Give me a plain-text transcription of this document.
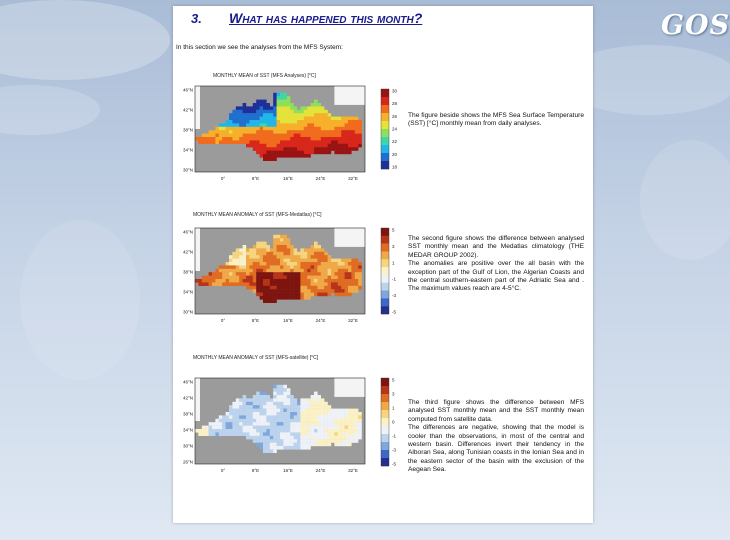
GOS
3. What has happened this month?
In this section we see the analyses from the MFS System:
MONTHLY MEAN of SST (MFS Analyses) [°C]
MONTHLY MEAN ANOMALY of SST (MFS-Medatlas) [°C]
MONTHLY MEAN ANOMALY of SST (MFS-satellite) [°C]
0°	8°E	16°E	24°E	32°E
46°N
42°N
38°N
34°N
30°N
30
28
26
24
22
20
18
0°	8°E	16°E	24°E	32°E
46°N
42°N
38°N
34°N
30°N
5
3
1
-1
-3
-5
0°	8°E	16°E	24°E	32°E
46°N
42°N
38°N
34°N
30°N
26°N
5
3
1
0
-1
-3
-5

The figure beside shows the MFS Sea Surface Temperature (SST) [°C] monthly mean from daily analyses.

The second figure shows the difference between analysed SST monthly mean and the Medatlas climatology (THE MEDAR GROUP 2002).

The anomalies are positive over the all basin with the exception part of the Gulf of Lion, the Algerian Coasts and the central southern-eastern part of the Adriatic Sea and . The maximum values reach are 4-5°C.

The third figure shows the difference between MFS analysed SST monthly mean and the SST monthly mean computed from satellite data.

The differences are negative, showing that the model is cooler than the observations, in most of the central and western basin. Differences invert their tendency in the Alboran Sea, along Tunisian coasts in the Ionian Sea and in the eastern sector of the basin with the exclusion of the Aegean Sea.
